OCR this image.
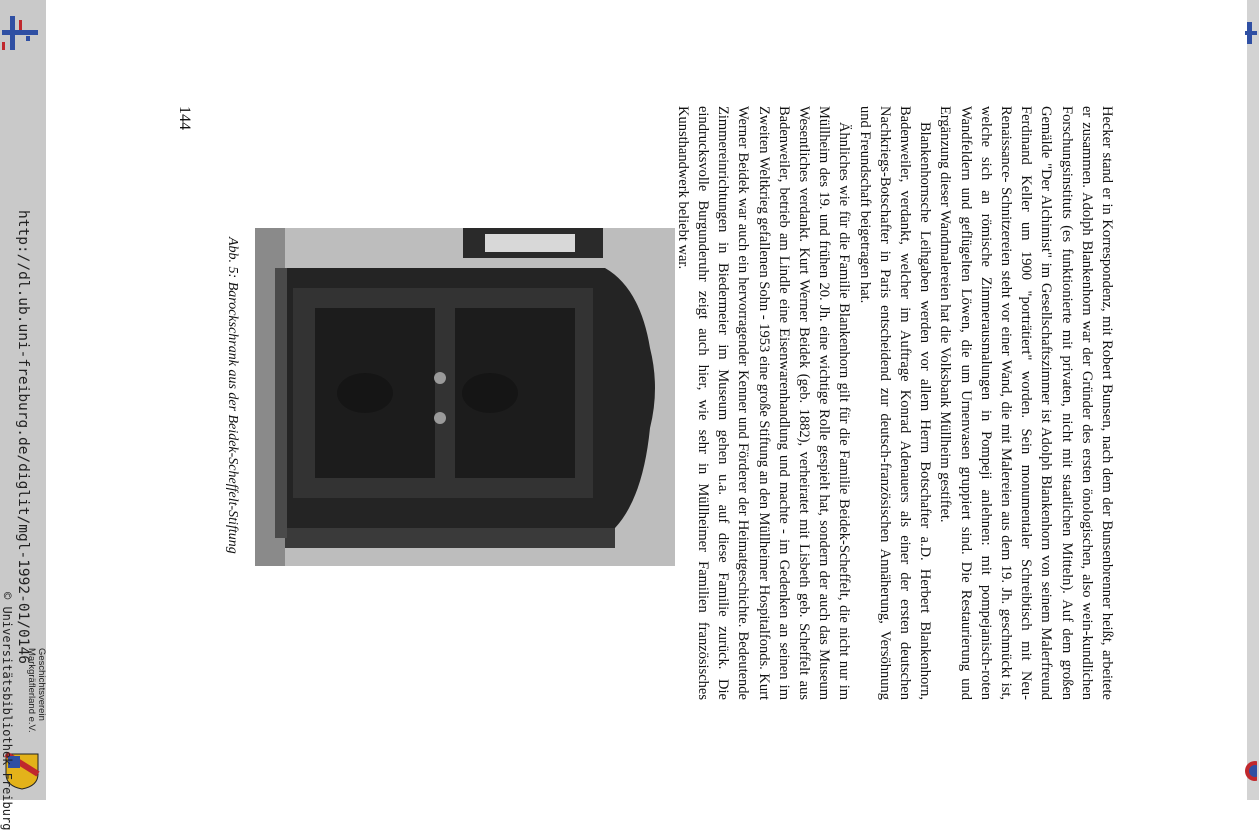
http://dl.ub.uni-freiburg.de/diglit/mgl-1992-01/0146
© Universitätsbibliothek Freiburg Geschichtsverein
Markgräflerland e.V.
144	Hecker stand er in Korrespondenz, mit Robert Bunsen, nach dem der Bunsenbrenner heißt, arbeitete er zusammen. Adolph Blankenhorn war der Gründer des ersten önologischen, also wein-kundlichen Forschungsinstituts (es funktionierte mit privaten, nicht mit staatlichen Mitteln). Auf dem großen Gemälde "Der Alchimist" im Gesellschaftszimmer ist Adolph Blankenhorn von seinem Malerfreund Ferdinand Keller um 1900 "porträtiert" worden. Sein monumentaler Schreibtisch mit Neu- Renaissance- Schnitzereien steht vor einer Wand, die mit Malereien aus dem 19. Jh. geschmückt ist, welche sich an römische Zimmerausmalungen in Pompeji anlehnen: mit pompejanisch-roten Wandfeldern und geflügelten Löwen, die um Urnenvasen gruppiert sind. Die Restaurierung und Ergänzung dieser Wandmalereien hat die Volksbank Müllheim gestiftet.

Blankenhornsche Leihgaben werden vor allem Herrn Botschafter a.D. Herbert Blankenhorn, Badenweiler, verdankt, welcher im Auftrage Konrad Adenauers als einer der ersten deutschen Nachkriegs-Botschafter in Paris entscheidend zur deutsch-französischen Annäherung, Versöhnung und Freundschaft beigetragen hat.

Ähnliches wie für die Familie Blankenhorn gilt für die Familie Beidek-Scheffelt, die nicht nur im Müllheim des 19. und frühen 20. Jh. eine wichtige Rolle gespielt hat, sondern der auch das Museum Wesentliches verdankt. Kurt Werner Beidek (geb. 1882), verheiratet mit Lisbeth geb. Scheffelt aus Badenweiler, betrieb am Lindle eine Eisenwarenhandlung und machte - im Gedenken an seinen im Zweiten Weltkrieg gefallenen Sohn - 1953 eine große Stiftung an den Müllheimer Hospitalfonds. Kurt Werner Beidek war auch ein hervorragender Kenner und Förderer der Heimatgeschichte. Bedeutende Zimmereinrichtungen in Biedermeier im Museum gehen u.a. auf diese Familie zurück. Die eindrucksvolle Burgunderuhr zeigt auch hier, wie sehr in Müllheimer Familien französisches Kunsthandwerk beliebt war.

Abb. 5: Barockschrank aus der Beidek-Scheffelt-Stiftung
